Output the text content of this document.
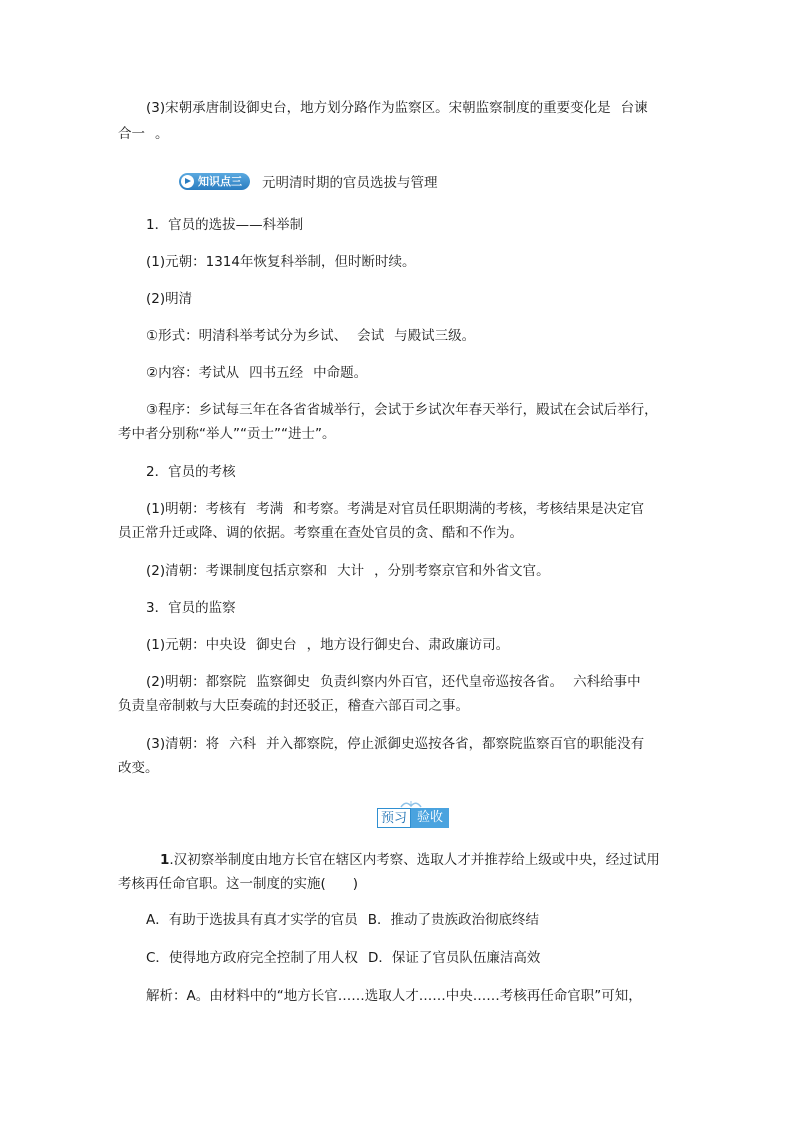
(3)宋朝承唐制设御史台，地方划分路作为监察区。宋朝监察制度的重要变化是 台谏
合一 。
知识点三 元明清时期的官员选拔与管理
1．官员的选拔——科举制
(1)元朝：1314年恢复科举制，但时断时续。
(2)明清
①形式：明清科举考试分为乡试、 会试 与殿试三级。
②内容：考试从 四书五经 中命题。
③程序：乡试每三年在各省省城举行，会试于乡试次年春天举行，殿试在会试后举行，
考中者分别称“举人”“贡士”“进士”。
2．官员的考核
(1)明朝：考核有 考满 和考察。考满是对官员任职期满的考核，考核结果是决定官
员正常升迁或降、调的依据。考察重在查处官员的贪、酷和不作为。
(2)清朝：考课制度包括京察和 大计 ，分别考察京官和外省文官。
3．官员的监察
(1)元朝：中央设 御史台 ，地方设行御史台、肃政廉访司。
(2)明朝：都察院 监察御史 负责纠察内外百官，还代皇帝巡按各省。 六科给事中
负责皇帝制敕与大臣奏疏的封还驳正，稽查六部百司之事。
(3)清朝：将 六科 并入都察院，停止派御史巡按各省，都察院监察百官的职能没有
改变。
预习 验收
1.汉初察举制度由地方长官在辖区内考察、选取人才并推荐给上级或中央，经过试用
考核再任命官职。这一制度的实施(　　)
A．有助于选拔具有真才实学的官员 B．推动了贵族政治彻底终结
C．使得地方政府完全控制了用人权 D．保证了官员队伍廉洁高效
解析：A。由材料中的“地方长官……选取人才……中央……考核再任命官职”可知，
